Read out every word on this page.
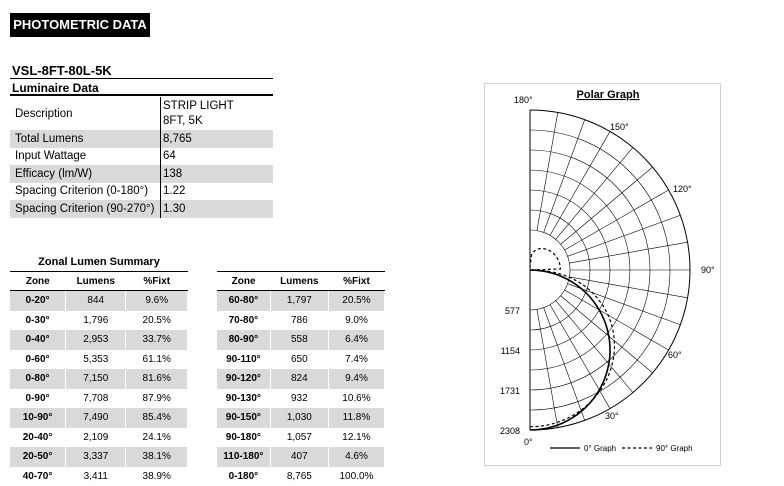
PHOTOMETRIC DATA
VSL-8FT-80L-5K
Luminaire Data
Description	STRIP LIGHT
8FT, 5K

Total Lumens	8,765
Input Wattage	64
Efficacy (lm/W)	138
Spacing Criterion (0-180°)	1.22
Spacing Criterion (90-270°)	1.30
Zonal Lumen Summary
Zone	Lumens	%Fixt
0-20°	844	9.6%
0-30°	1,796	20.5%
0-40°	2,953	33.7%
0-60°	5,353	61.1%
0-80°	7,150	81.6%
0-90°	7,708	87.9%
10-90°	7,490	85.4%
20-40°	2,109	24.1%
20-50°	3,337	38.1%
40-70°	3,411	38.9%
Zone	Lumens	%Fixt
60-80°	1,797	20.5%
70-80°	786	9.0%
80-90°	558	6.4%
90-110°	650	7.4%
90-120°	824	9.4%
90-130°	932	10.6%
90-150°	1,030	11.8%
90-180°	1,057	12.1%
110-180°	407	4.6%
0-180°	8,765	100.0%
Polar Graph
180°
150°
120°
90°
60°
30°
0°
577
1154
1731
2308
0° Graph	90° Graph
